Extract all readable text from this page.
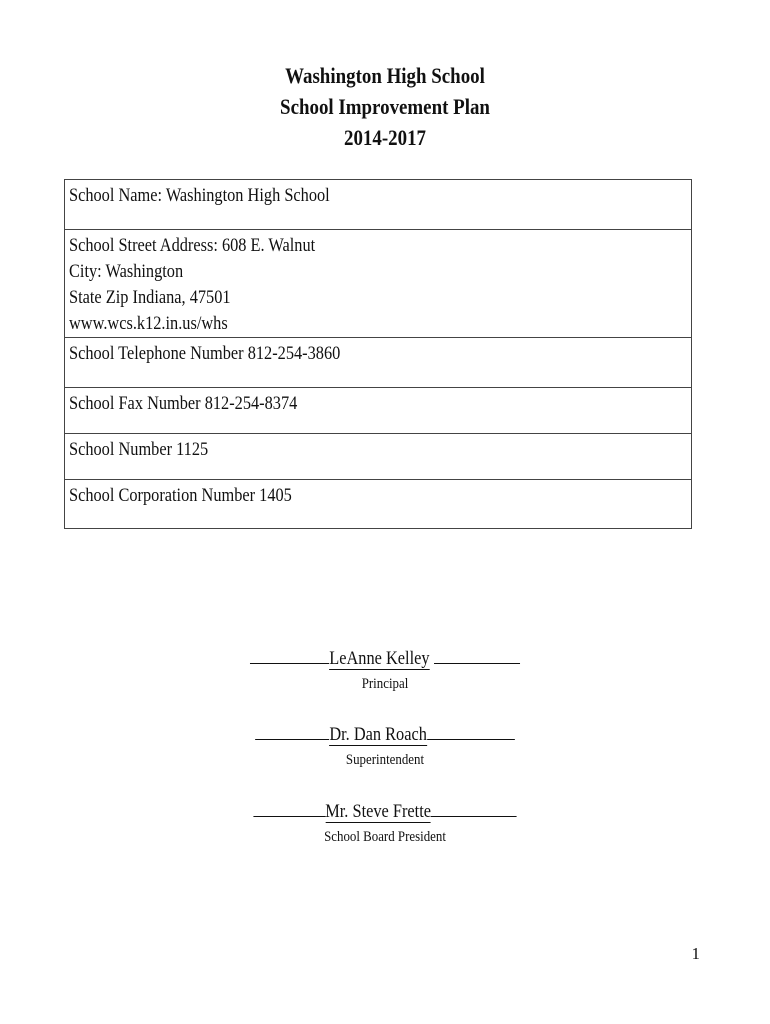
Washington High School
School Improvement Plan
2014-2017
School Name: Washington High School

School Street Address: 608 E. Walnut
City: Washington
State Zip Indiana, 47501
www.wcs.k12.in.us/whs

School Telephone Number 812-254-3860

School Fax Number 812-254-8374

School Number 1125

School Corporation Number 1405
LeAnne Kelley
Principal
Dr. Dan Roach
Superintendent
Mr. Steve Frette
School Board President
1
